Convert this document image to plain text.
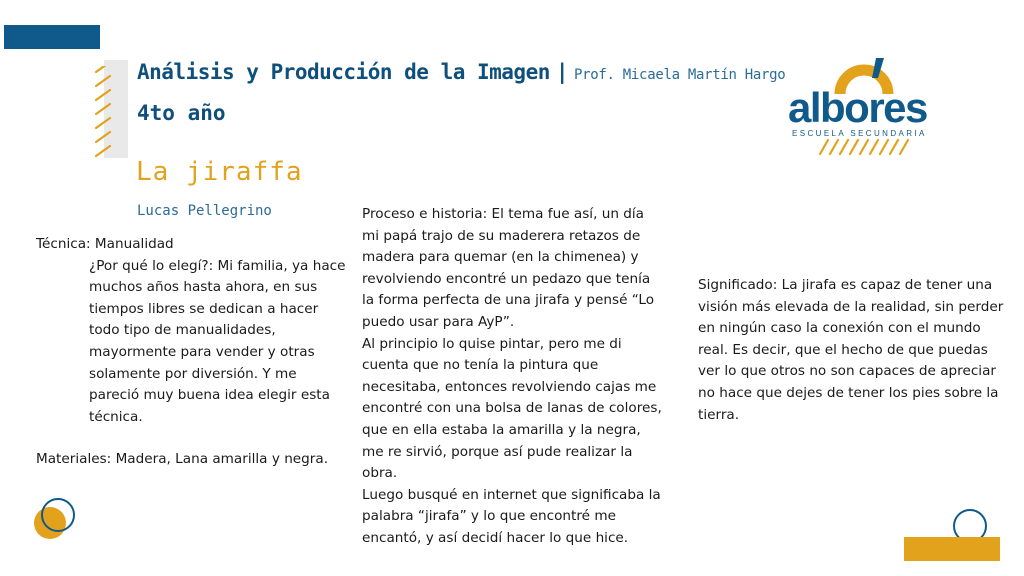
Análisis y Producción de la Imagen | Prof. Micaela Martín Hargo
4to año
La jiraffa
Lucas Pellegrino
albores
ESCUELA SECUNDARIA

Técnica: Manualidad

¿Por qué lo elegí?: Mi familia, ya hace muchos años hasta ahora, en sus tiempos libres se dedican a hacer todo tipo de manualidades, mayormente para vender y otras solamente por diversión. Y me pareció muy buena idea elegir esta técnica.

Materiales: Madera, Lana amarilla y negra.

Proceso e historia: El tema fue así, un día mi papá trajo de su maderera retazos de madera para quemar (en la chimenea) y revolviendo encontré un pedazo que tenía la forma perfecta de una jirafa y pensé “Lo puedo usar para AyP”.

Al principio lo quise pintar, pero me di cuenta que no tenía la pintura que necesitaba, entonces revolviendo cajas me encontré con una bolsa de lanas de colores, que en ella estaba la amarilla y la negra, me re sirvió, porque así pude realizar la obra.

Luego busqué en internet que significaba la palabra “jirafa” y lo que encontré me encantó, y así decidí hacer lo que hice.

Significado: La jirafa es capaz de tener una visión más elevada de la realidad, sin perder en ningún caso la conexión con el mundo real. Es decir, que el hecho de que puedas ver lo que otros no son capaces de apreciar no hace que dejes de tener los pies sobre la tierra.
